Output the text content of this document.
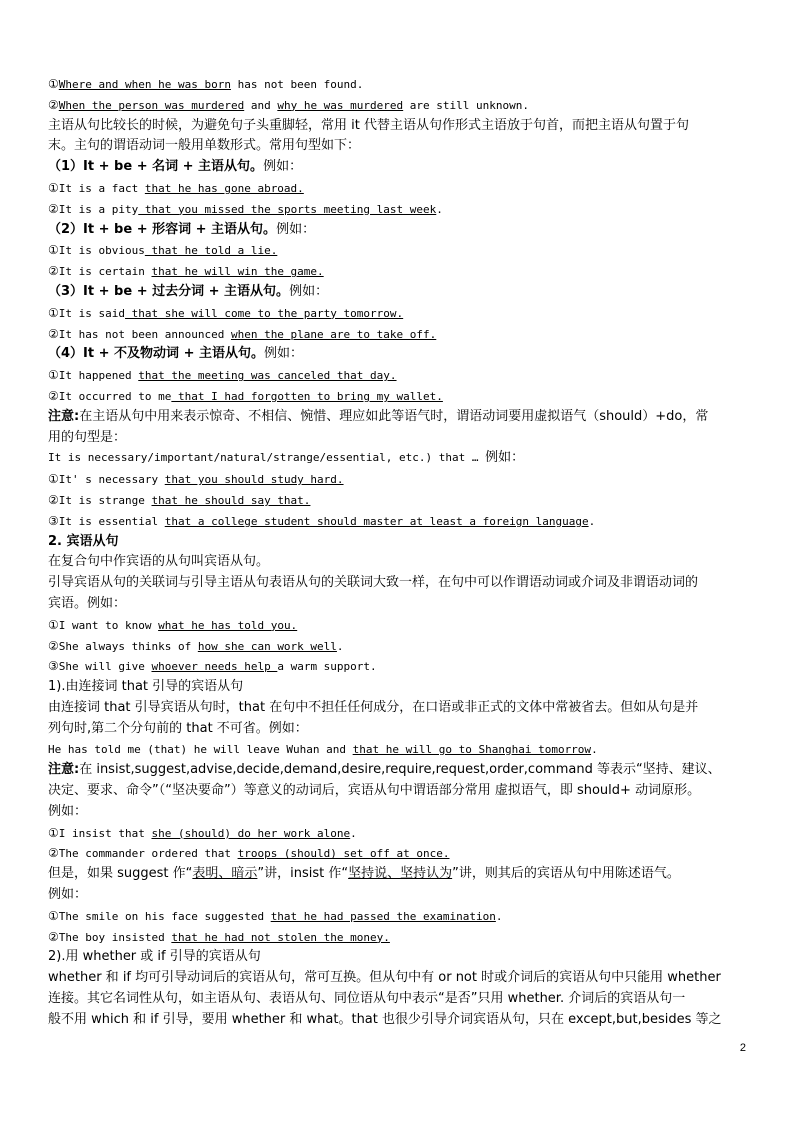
①Where and when he was born has not been found.
②When the person was murdered and why he was murdered are still unknown.
主语从句比较长的时候，为避免句子头重脚轻，常用 it 代替主语从句作形式主语放于句首，而把主语从句置于句
末。主句的谓语动词一般用单数形式。常用句型如下：
（1）It + be + 名词 + 主语从句。例如：
①It is a fact that he has gone abroad.
②It is a pity that you missed the sports meeting last week.
（2）It + be + 形容词 + 主语从句。例如：
①It is obvious that he told a lie.
②It is certain that he will win the game.
（3）It + be + 过去分词 + 主语从句。例如：
①It is said that she will come to the party tomorrow.
②It has not been announced when the plane are to take off.
（4）It + 不及物动词 + 主语从句。例如：
①It happened that the meeting was canceled that day.
②It occurred to me that I had forgotten to bring my wallet.
注意:在主语从句中用来表示惊奇、不相信、惋惜、理应如此等语气时，谓语动词要用虚拟语气（should）+do，常
用的句型是：
It is necessary/important/natural/strange/essential, etc.) that … 例如：
①It' s necessary that you should study hard.
②It is strange that he should say that.
③It is essential that a college student should master at least a foreign language.
2. 宾语从句
在复合句中作宾语的从句叫宾语从句。
引导宾语从句的关联词与引导主语从句表语从句的关联词大致一样，在句中可以作谓语动词或介词及非谓语动词的
宾语。例如：
①I want to know what he has told you.
②She always thinks of how she can work well.
③She will give whoever needs help a warm support.
1).由连接词 that 引导的宾语从句
由连接词 that 引导宾语从句时，that 在句中不担任任何成分，在口语或非正式的文体中常被省去。但如从句是并
列句时,第二个分句前的 that 不可省。例如：
He has told me (that) he will leave Wuhan and that he will go to Shanghai tomorrow.
注意:在 insist,suggest,advise,decide,demand,desire,require,request,order,command 等表示“坚持、建议、
决定、要求、命令”（“坚决要命”）等意义的动词后，宾语从句中谓语部分常用 虚拟语气，即 should+ 动词原形。
例如：
①I insist that she (should) do her work alone.
②The commander ordered that troops (should) set off at once.
但是，如果 suggest 作“表明、暗示”讲，insist 作“坚持说、坚持认为”讲，则其后的宾语从句中用陈述语气。
例如：
①The smile on his face suggested that he had passed the examination.
②The boy insisted that he had not stolen the money.
2).用 whether 或 if 引导的宾语从句
whether 和 if 均可引导动词后的宾语从句，常可互换。但从句中有 or not 时或介词后的宾语从句中只能用 whether
连接。其它名词性从句，如主语从句、表语从句、同位语从句中表示“是否”只用 whether. 介词后的宾语从句一
般不用 which 和 if 引导，要用 whether 和 what。that 也很少引导介词宾语从句，只在 except,but,besides 等之
2
